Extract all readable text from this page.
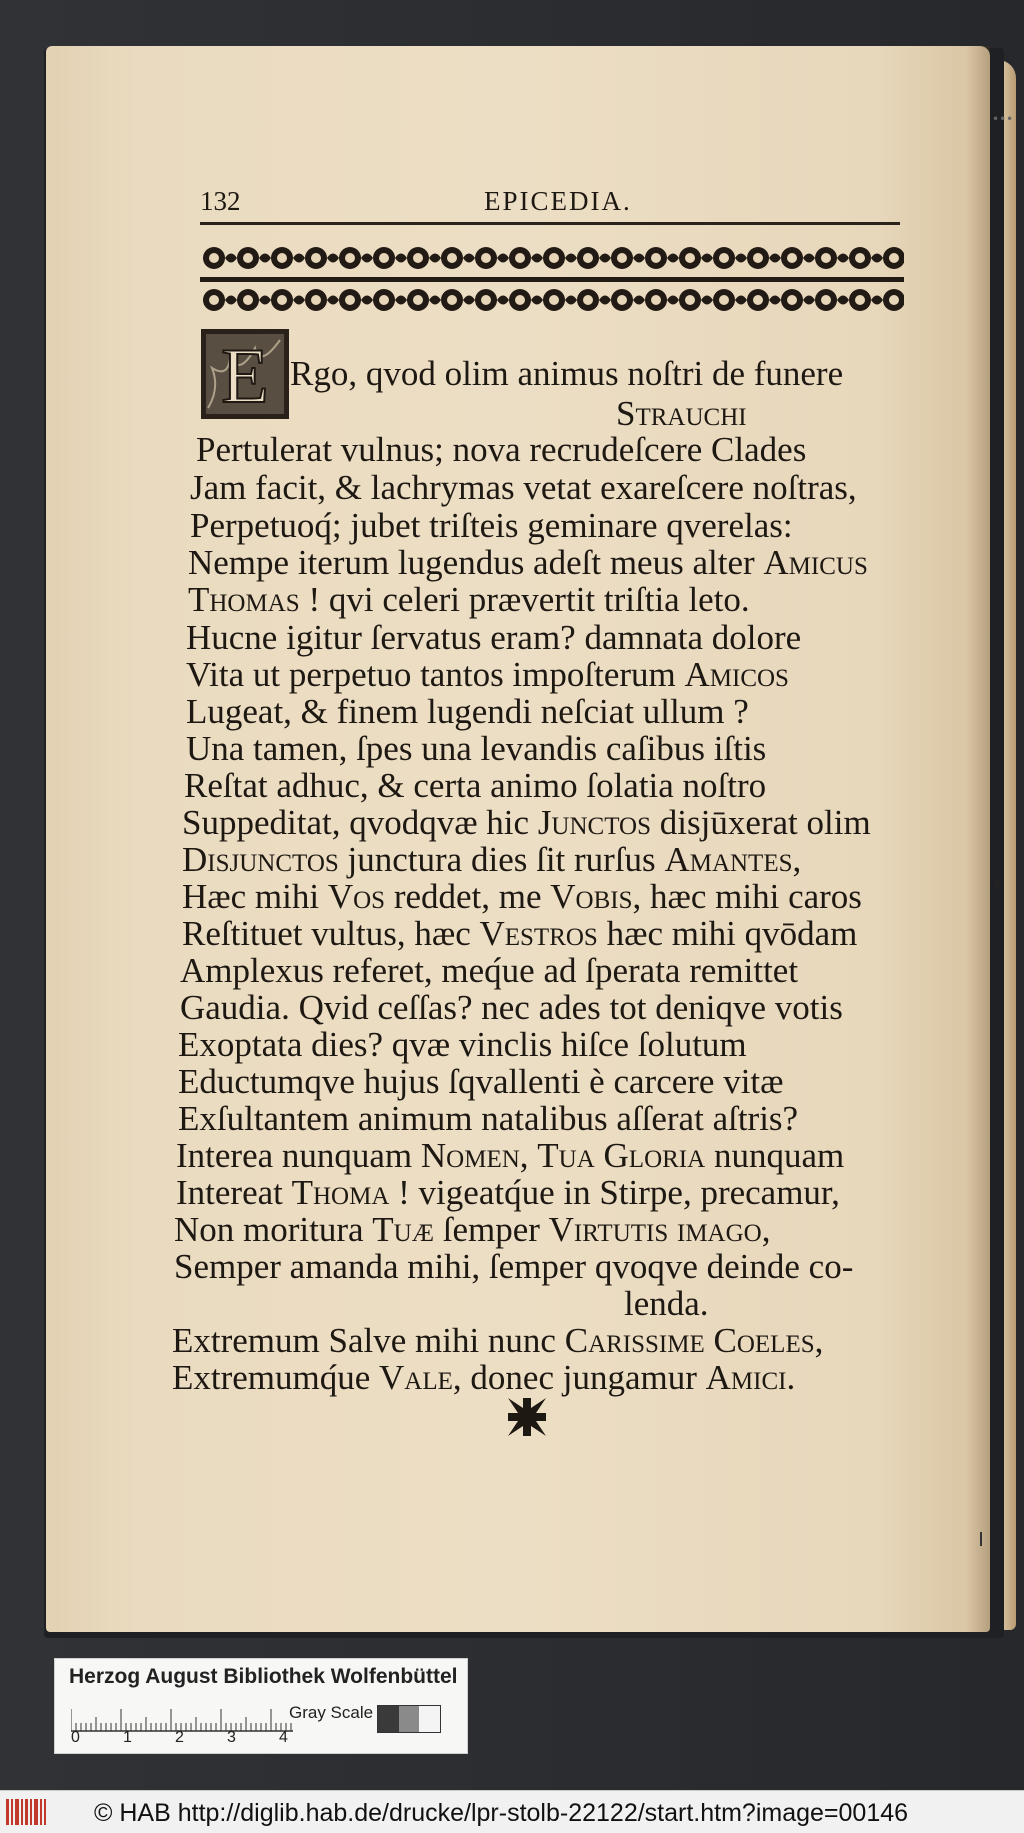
•••
132	EPICEDIA.
E Rgo, qvod olim animus noſtri de funere
Strauchi
Pertulerat vulnus; nova recrudeſcere Clades
Jam facit, & lachrymas vetat exareſcere noſtras,
Perpetuoq́; jubet triſteis geminare qverelas:
Nempe iterum lugendus adeſt meus alter Amicus
Thomas ! qvi celeri prævertit triſtia leto.
Hucne igitur ſervatus eram? damnata dolore
Vita ut perpetuo tantos impoſterum Amicos
Lugeat, & finem lugendi neſciat ullum ?
Una tamen, ſpes una levandis caſibus iſtis
Reſtat adhuc, & certa animo ſolatia noſtro
Suppeditat, qvodqvæ hic Junctos disjūxerat olim
Disjunctos junctura dies ſit rurſus Amantes,
Hæc mihi Vos reddet, me Vobis, hæc mihi caros
Reſtituet vultus, hæc Vestros hæc mihi qvōdam
Amplexus referet, meq́ue ad ſperata remittet
Gaudia. Qvid ceſſas? nec ades tot deniqve votis
Exoptata dies? qvæ vinclis hiſce ſolutum
Eductumqve hujus ſqvallenti è carcere vitæ
Exſultantem animum natalibus aſſerat aſtris?
Interea nunquam Nomen, Tua Gloria nunquam
Intereat Thoma ! vigeatq́ue in Stirpe, precamur,
Non moritura Tuæ ſemper Virtutis imago,
Semper amanda mihi, ſemper qvoqve deinde co-
lenda.
Extremum Salve mihi nunc Carissime Coeles,
Extremumq́ue Vale, donec jungamur Amici.
Herzog August Bibliothek Wolfenbüttel
0	1	2	3	4
Gray Scale
© HAB http://diglib.hab.de/drucke/lpr-stolb-22122/start.htm?image=00146
